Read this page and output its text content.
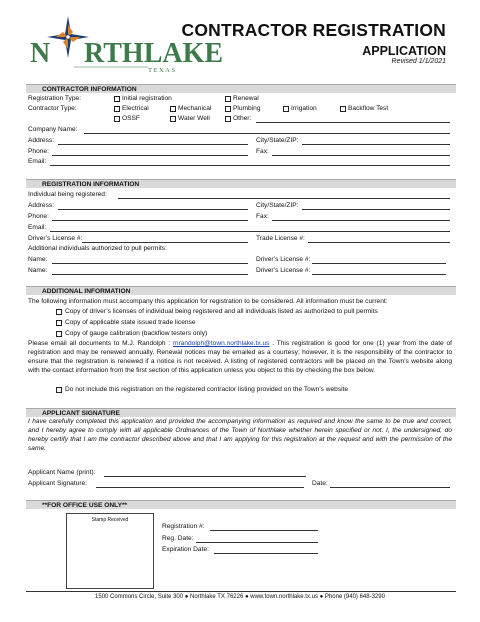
N RTHLAKE
TEXAS
CONTRACTOR REGISTRATION
APPLICATION
Revised 1/1/2021
CONTRACTOR INFORMATION
Registration Type:	Initial registration	Renewal
Contractor Type:	Electrical	Mechanical	Plumbing	Irrigation	Backflow Test
OSSF	Water Well	Other:
Company Name:
Address:	City/State/ZIP:
Phone:	Fax:
Email:
REGISTRATION INFORMATION
Individual being registered:
Address:	City/State/ZIP:
Phone:	Fax:
Email:
Driver’s License #:	Trade License #:
Additional individuals authorized to pull permits:
Name:	Driver’s License #:
Name:	Driver’s License #:
ADDITIONAL INFORMATION
The following information must accompany this application for registration to be considered. All information must be current:
Copy of driver’s licenses of individual being registered and all individuals listed as authorized to pull permits
Copy of applicable state issued trade license
Copy of gauge calibration (backflow testers only)
Please email all documents to M.J. Randolph : mrandolph@town.northlake.tx.us . This registration is good for one (1) year from the date of registration and may be renewed annually. Renewal notices may be emailed as a courtesy; however, it is the responsibility of the contractor to ensure that the registration is renewed if a notice is not received. A listing of registered contractors will be placed on the Town’s website along with the contact information from the first section of this application unless you object to this by checking the box below.
Do not include this registration on the registered contractor listing provided on the Town’s website
APPLICANT SIGNATURE
I have carefully completed this application and provided the accompanying information as required and know the same to be true and correct, and I hereby agree to comply with all applicable Ordinances of the Town of Northlake whether herein specified or not. I, the undersigned, do hereby certify that I am the contractor described above and that I am applying for this registration at the request and with the permission of the same.
Applicant Name (print):
Applicant Signature:	Date:
**FOR OFFICE USE ONLY**
Stamp Received
Registration #:
Reg. Date:
Expiration Date:
1500 Commons Circle, Suite 300 ● Northlake TX 76226 ● www.town.northlake.tx.us ● Phone (940) 648-3290
